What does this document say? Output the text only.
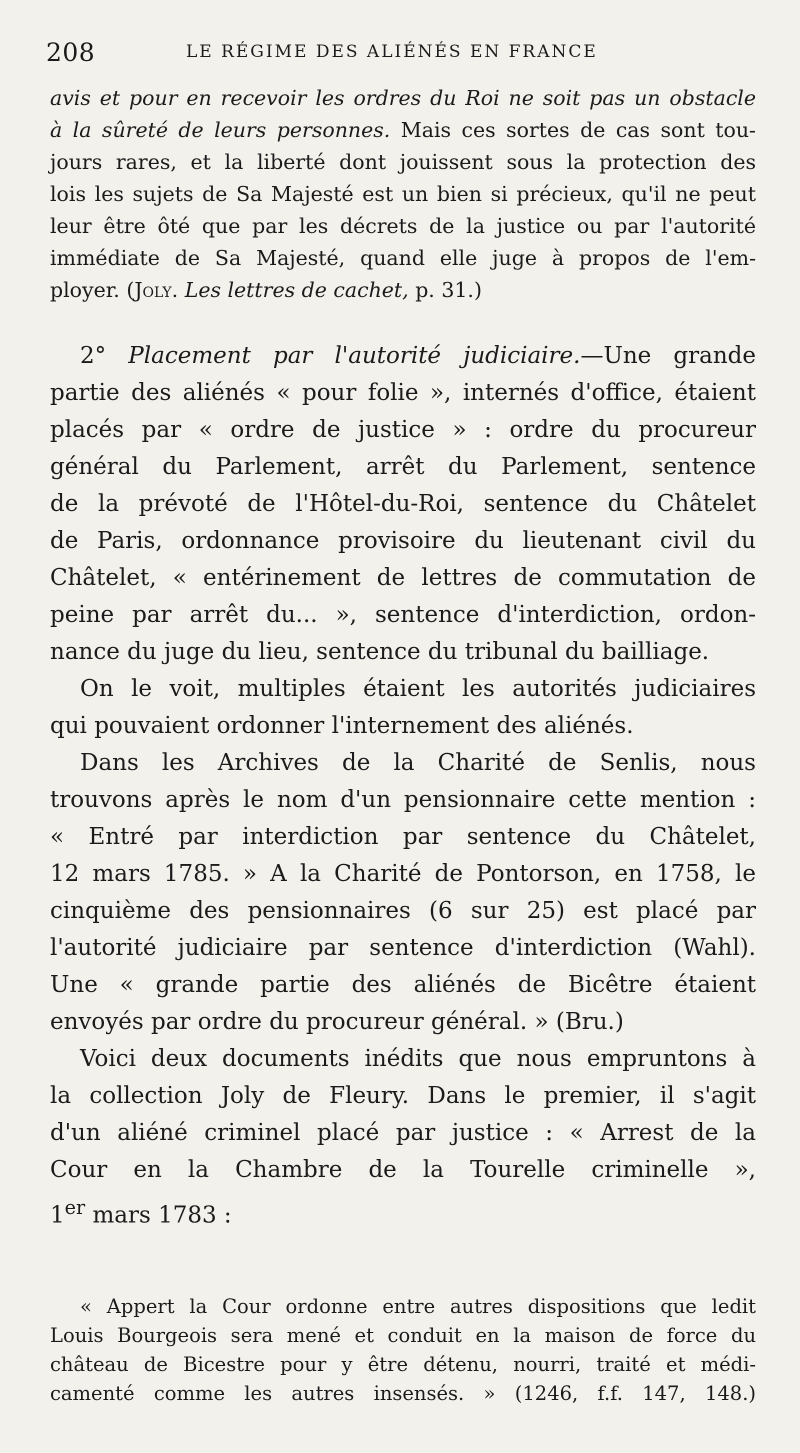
208	LE RÉGIME DES ALIÉNÉS EN FRANCE
avis et pour en recevoir les ordres du Roi ne soit pas un obstacle
à la sûreté de leurs personnes. Mais ces sortes de cas sont tou-
jours rares, et la liberté dont jouissent sous la protection des
lois les sujets de Sa Majesté est un bien si précieux, qu'il ne peut
leur être ôté que par les décrets de la justice ou par l'autorité
immédiate de Sa Majesté, quand elle juge à propos de l'em-
ployer. (Joly. Les lettres de cachet, p. 31.)
2° Placement par l'autorité judiciaire.—Une grande
partie des aliénés « pour folie », internés d'office, étaient
placés par « ordre de justice » : ordre du procureur
général du Parlement, arrêt du Parlement, sentence
de la prévoté de l'Hôtel-du-Roi, sentence du Châtelet
de Paris, ordonnance provisoire du lieutenant civil du
Châtelet, « entérinement de lettres de commutation de
peine par arrêt du... », sentence d'interdiction, ordon-
nance du juge du lieu, sentence du tribunal du bailliage.
On le voit, multiples étaient les autorités judiciaires
qui pouvaient ordonner l'internement des aliénés.
Dans les Archives de la Charité de Senlis, nous
trouvons après le nom d'un pensionnaire cette mention :
« Entré par interdiction par sentence du Châtelet,
12 mars 1785. » A la Charité de Pontorson, en 1758, le
cinquième des pensionnaires (6 sur 25) est placé par
l'autorité judiciaire par sentence d'interdiction (Wahl).
Une « grande partie des aliénés de Bicêtre étaient
envoyés par ordre du procureur général. » (Bru.)
Voici deux documents inédits que nous empruntons à
la collection Joly de Fleury. Dans le premier, il s'agit
d'un aliéné criminel placé par justice : « Arrest de la
Cour en la Chambre de la Tourelle criminelle »,
1er mars 1783 :
« Appert la Cour ordonne entre autres dispositions que ledit
Louis Bourgeois sera mené et conduit en la maison de force du
château de Bicestre pour y être détenu, nourri, traité et médi-
camenté comme les autres insensés. » (1246, f.f. 147, 148.)
